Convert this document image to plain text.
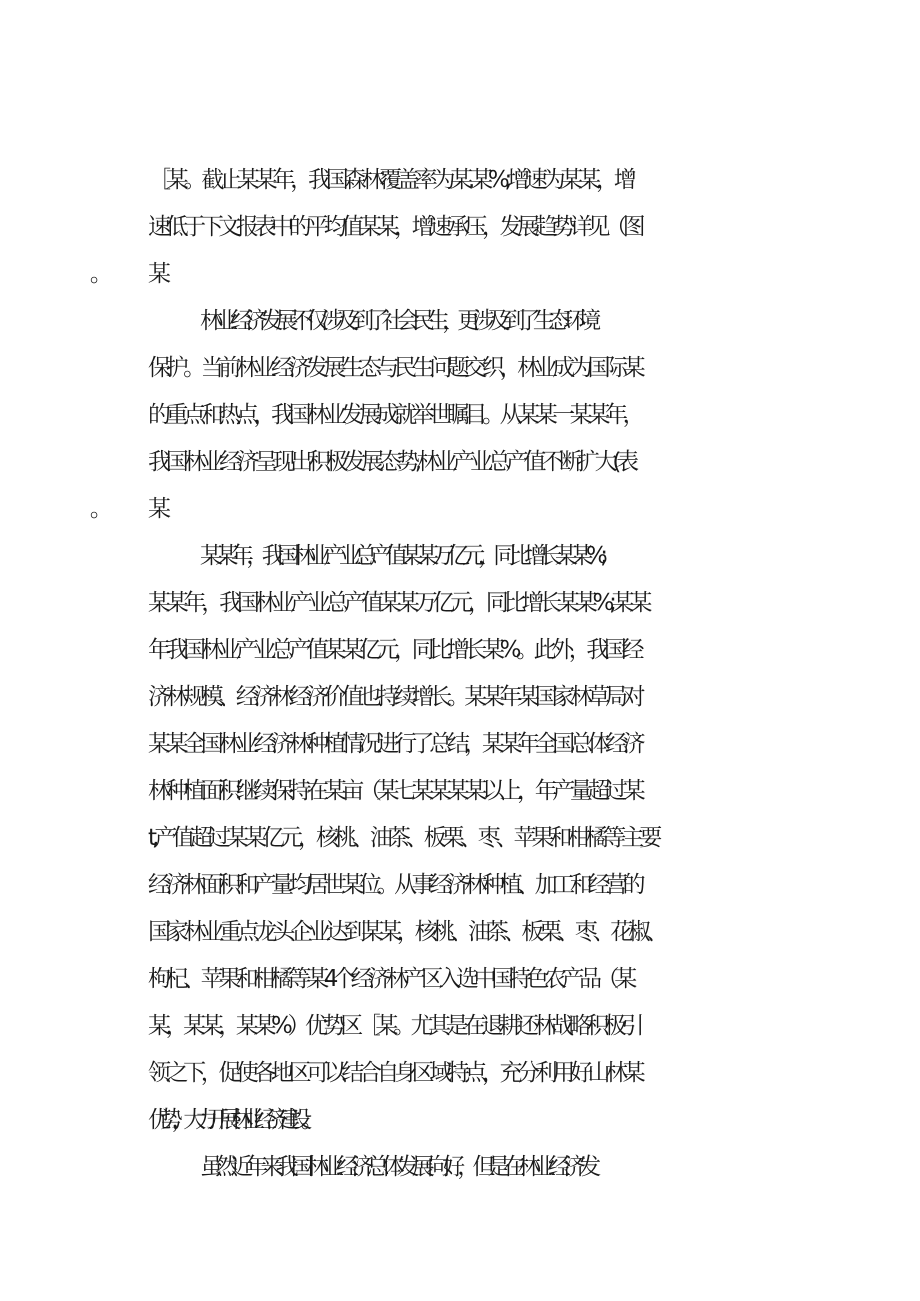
［某。截止某某年，我国森林覆盖率为某.某%;增速为某某，增

速低于下文报表中的平均值某某，增速承压，发展趋势详见（图

林业经济发展不仅涉及到了社会民生，更涉及到了生态环境

保护。当前林业经济发展生态与民生问题交织，林业成为国际某

的重点和热点，我国林业发展成就举世瞩目。从某某一某某年，

我国林业经济呈现出积极发展态势,林业产业总产值不断扩大(表

某某年，我国林业产业总产值某某万亿元，同比增长某某%;

某某年，我国林业产业总产值某某万亿元，同比增长某某%;某某

年我国林业产业总产值某某亿元，同比增长某%。此外，我国经

济林规模、经济林经济价值也持续增长。某某年某国家林草局对

某某全国林业经济林种植情况进行了总结，某某年全国总体经济

林种植面积继续保持在某亩（某七某某某某以上，年产量超过某

t,产值超过某某亿元，核桃、油茶、板栗、枣、苹果和柑橘等主要

经济林面积和产量均居世某位。从事经济林种植、加工和经营的

国家林业重点龙头企业达到某某，核桃、油茶、板栗、枣、花椒、

枸杞、苹果和柑橘等某4个经济林产区入选中国特色农产品（某

某，某某，某某%）优势区［某。尤其是在退耕还林战略积极引

领之下，促使各地区可以结合自身区域特点，充分利用好山林某

优势，大力开展林业经济建设。

虽然近年来我国林业经济总体发展向好，但是在林业经济发
